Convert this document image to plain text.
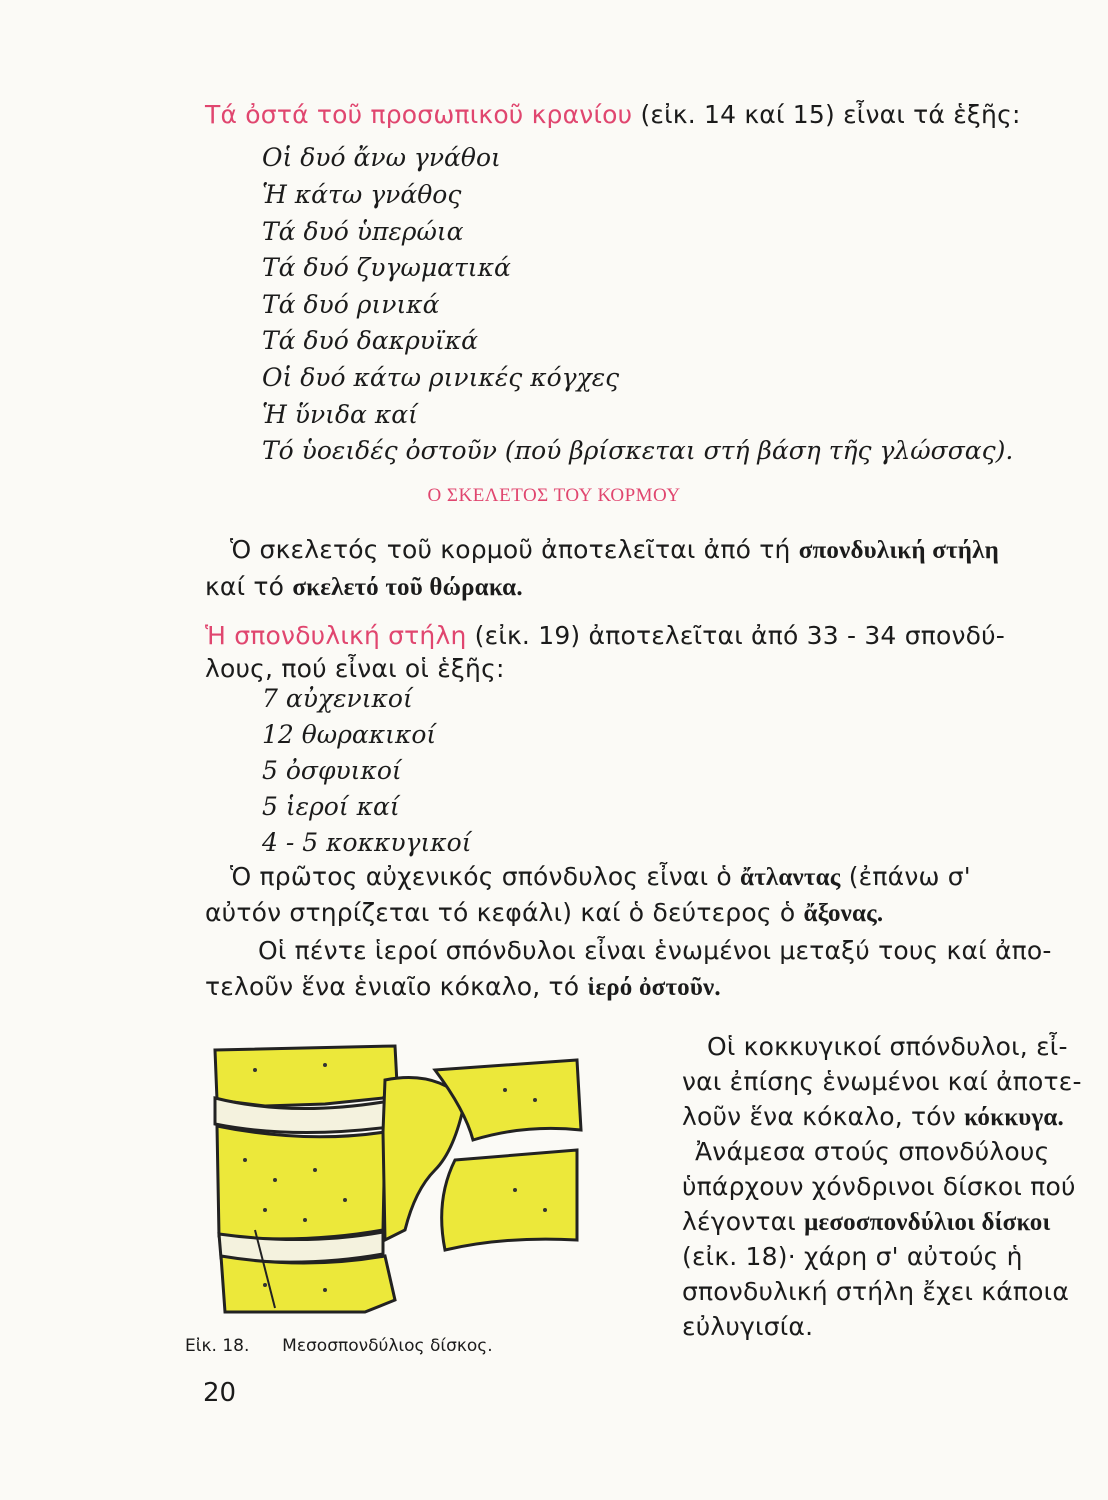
Τά ὀστά τοῦ προσωπικοῦ κρανίου (εἰκ. 14 καί 15) εἶναι τά ἑξῆς:
Οἱ δυό ἄνω γνάθοι
Ἡ κάτω γνάθος
Τά δυό ὑπερώια
Τά δυό ζυγωματικά
Τά δυό ρινικά
Τά δυό δακρυϊκά
Οἱ δυό κάτω ρινικές κόγχες
Ἡ ὕνιδα καί
Τό ὑοειδές ὀστοῦν (πού βρίσκεται στή βάση τῆς γλώσσας).
Ο ΣΚΕΛΕΤΟΣ ΤΟΥ ΚΟΡΜΟΥ
Ὁ σκελετός τοῦ κορμοῦ ἀποτελεῖται ἀπό τή σπονδυλική στήλη
καί τό σκελετό τοῦ θώρακα.
Ἡ σπονδυλική στήλη (εἰκ. 19) ἀποτελεῖται ἀπό 33 - 34 σπονδύ-
λους, πού εἶναι οἱ ἑξῆς:
7 αὐχενικοί
12 θωρακικοί
5 ὀσφυικοί
5 ἱεροί καί
4 - 5 κοκκυγικοί
Ὁ πρῶτος αὐχενικός σπόνδυλος εἶναι ὁ ἄτλαντας (ἐπάνω σ'
αὐτόν στηρίζεται τό κεφάλι) καί ὁ δεύτερος ὁ ἄξονας.
Οἱ πέντε ἱεροί σπόνδυλοι εἶναι ἑνωμένοι μεταξύ τους καί ἀπο-
τελοῦν ἕνα ἑνιαῖο κόκαλο, τό ἱερό ὀστοῦν.
Εἰκ. 18. Μεσοσπονδύλιος δίσκος.
Οἱ κοκκυγικοί σπόνδυλοι, εἶ-
ναι ἐπίσης ἑνωμένοι καί ἀποτε-
λοῦν ἕνα κόκαλο, τόν κόκκυγα.
Ἀνάμεσα στούς σπονδύλους
ὑπάρχουν χόνδρινοι δίσκοι πού
λέγονται μεσοσπονδύλιοι δίσκοι
(εἰκ. 18)· χάρη σ' αὐτούς ἡ
σπονδυλική στήλη ἔχει κάποια
εὐλυγισία.
20
